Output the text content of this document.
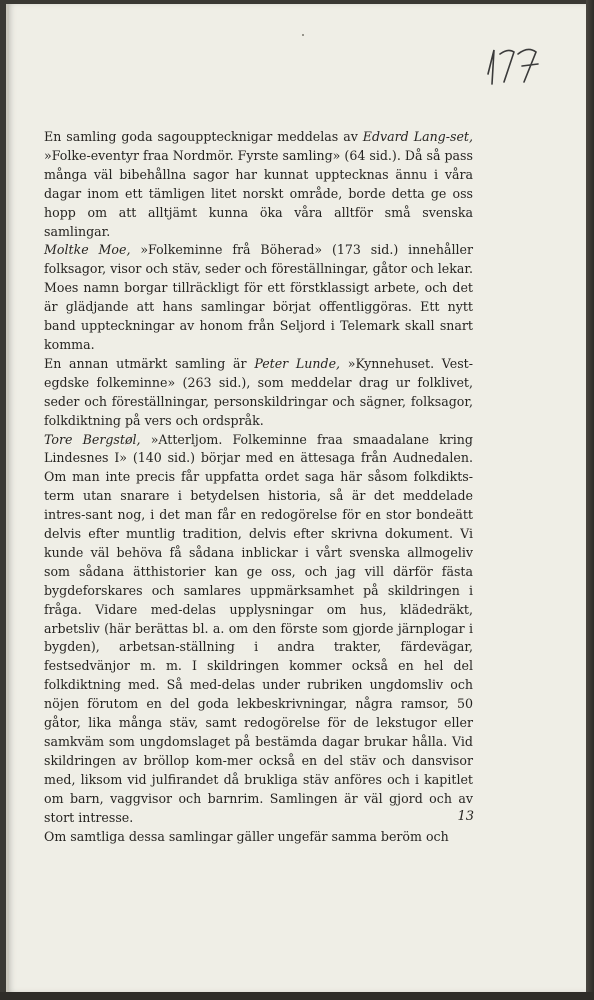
En samling goda sagoupptecknigar meddelas av Edvard Lang-set, »Folke-eventyr fraa Nordmör. Fyrste samling» (64 sid.). Då så pass många väl bibehållna sagor har kunnat upptecknas ännu i våra dagar inom ett tämligen litet norskt område, borde detta ge oss hopp om att alltjämt kunna öka våra alltför små svenska samlingar.

Moltke Moe, »Folkeminne frå Böherad» (173 sid.) innehåller folksagor, visor och stäv, seder och föreställningar, gåtor och lekar. Moes namn borgar tillräckligt för ett förstklassigt arbete, och det är glädjande att hans samlingar börjat offentliggöras. Ett nytt band uppteckningar av honom från Seljord i Telemark skall snart komma.

En annan utmärkt samling är Peter Lunde, »Kynnehuset. Vest-egdske folkeminne» (263 sid.), som meddelar drag ur folklivet, seder och föreställningar, personskildringar och sägner, folksagor, folkdiktning på vers och ordspråk.

Tore Bergstøl, »Atterljom. Folkeminne fraa smaadalane kring Lindesnes I» (140 sid.) börjar med en ättesaga från Audnedalen. Om man inte precis får uppfatta ordet saga här såsom folkdikts-term utan snarare i betydelsen historia, så är det meddelade intres-sant nog, i det man får en redogörelse för en stor bondeätt delvis efter muntlig tradition, delvis efter skrivna dokument. Vi kunde väl behöva få sådana inblickar i vårt svenska allmogeliv som sådana ätthistorier kan ge oss, och jag vill därför fästa bygdeforskares och samlares uppmärksamhet på skildringen i fråga. Vidare med-delas upplysningar om hus, klädedräkt, arbetsliv (här berättas bl. a. om den förste som gjorde järnplogar i bygden), arbetsan-ställning i andra trakter, färdevägar, festsedvänjor m. m. I skildringen kommer också en hel del folkdiktning med. Så med-delas under rubriken ungdomsliv och nöjen förutom en del goda lekbeskrivningar, några ramsor, 50 gåtor, lika många stäv, samt redogörelse för de lekstugor eller samkväm som ungdomslaget på bestämda dagar brukar hålla. Vid skildringen av bröllop kom-mer också en del stäv och dansvisor med, liksom vid julfirandet då brukliga stäv anföres och i kapitlet om barn, vaggvisor och barnrim. Samlingen är väl gjord och av stort intresse.

Om samtliga dessa samlingar gäller ungefär samma beröm och

13
